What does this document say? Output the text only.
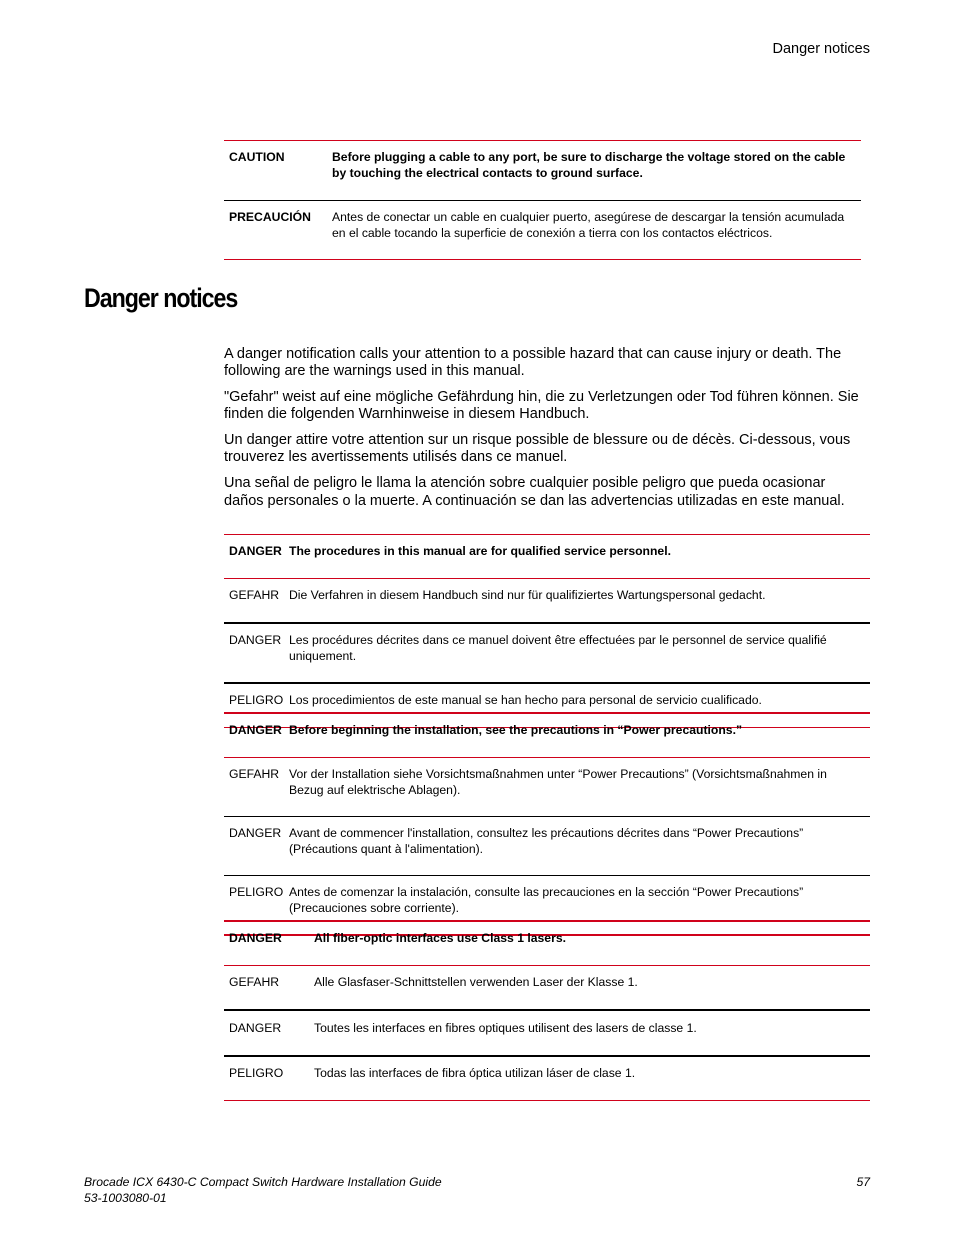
Danger notices
CAUTION	Before plugging a cable to any port, be sure to discharge the voltage stored on the cable by touching the electrical contacts to ground surface.
PRECAUCIÓN	Antes de conectar un cable en cualquier puerto, asegúrese de descargar la tensión acumulada en el cable tocando la superficie de conexión a tierra con los contactos eléctricos.
Danger notices

A danger notification calls your attention to a possible hazard that can cause injury or death. The following are the warnings used in this manual.

"Gefahr" weist auf eine mögliche Gefährdung hin, die zu Verletzungen oder Tod führen können. Sie finden die folgenden Warnhinweise in diesem Handbuch.

Un danger attire votre attention sur un risque possible de blessure ou de décès. Ci-dessous, vous trouverez les avertissements utilisés dans ce manuel.

Una señal de peligro le llama la atención sobre cualquier posible peligro que pueda ocasionar daños personales o la muerte. A continuación se dan las advertencias utilizadas en este manual.

DANGER	The procedures in this manual are for qualified service personnel.
GEFAHR	Die Verfahren in diesem Handbuch sind nur für qualifiziertes Wartungspersonal gedacht.
DANGER	Les procédures décrites dans ce manuel doivent être effectuées par le personnel de service qualifié uniquement.
PELIGRO	Los procedimientos de este manual se han hecho para personal de servicio cualificado.
DANGER	Before beginning the installation, see the precautions in “Power precautions.”
GEFAHR	Vor der Installation siehe Vorsichtsmaßnahmen unter “Power Precautions” (Vorsichtsmaßnahmen in Bezug auf elektrische Ablagen).
DANGER	Avant de commencer l'installation, consultez les précautions décrites dans “Power Precautions” (Précautions quant à l'alimentation).
PELIGRO	Antes de comenzar la instalación, consulte las precauciones en la sección “Power Precautions” (Precauciones sobre corriente).
DANGER	All fiber-optic interfaces use Class 1 lasers.
GEFAHR	Alle Glasfaser-Schnittstellen verwenden Laser der Klasse 1.
DANGER	Toutes les interfaces en fibres optiques utilisent des lasers de classe 1.
PELIGRO	Todas las interfaces de fibra óptica utilizan láser de clase 1.
Brocade ICX 6430-C Compact Switch Hardware Installation Guide
53-1003080-01
57
